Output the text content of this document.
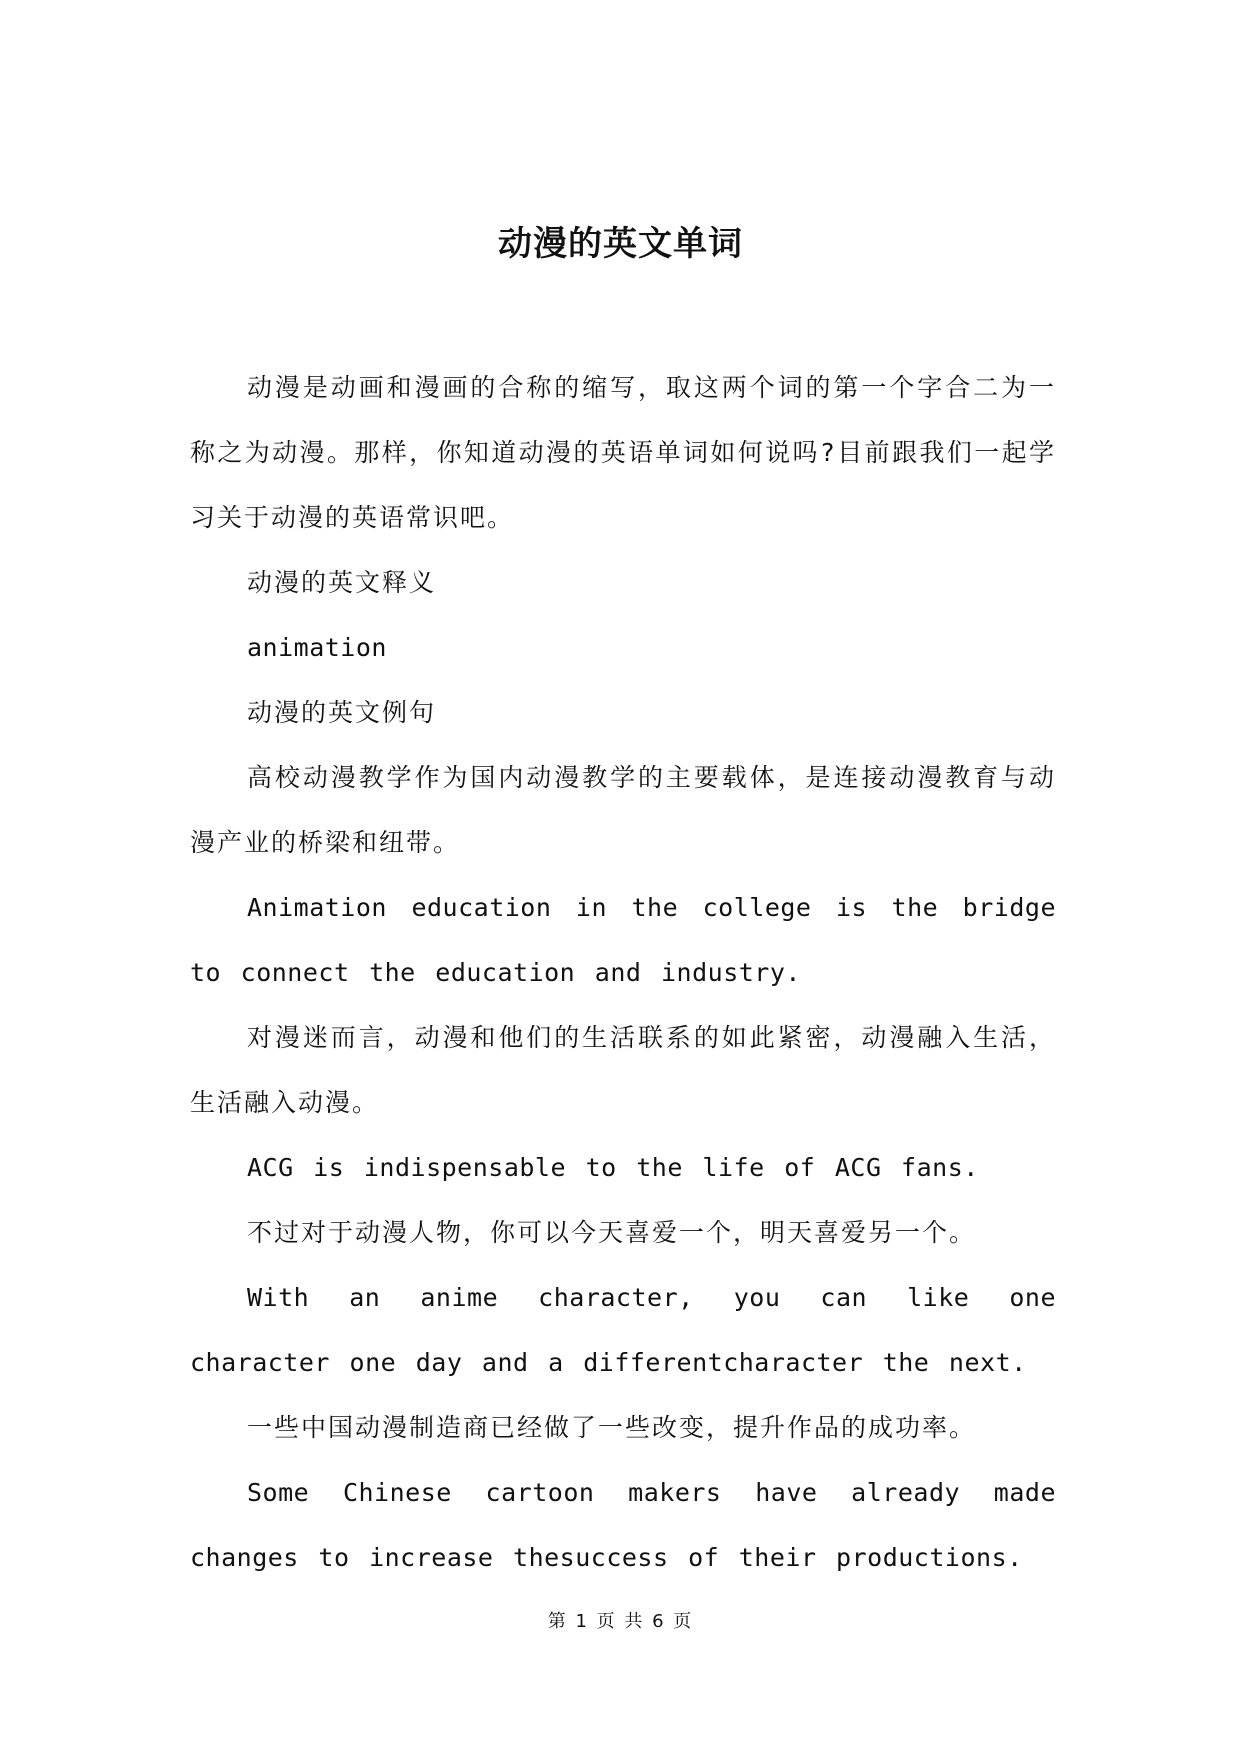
动漫的英文单词

动漫是动画和漫画的合称的缩写，取这两个词的第一个字合二为一称之为动漫。那样，你知道动漫的英语单词如何说吗?目前跟我们一起学习关于动漫的英语常识吧。

动漫的英文释义

animation

动漫的英文例句

高校动漫教学作为国内动漫教学的主要载体，是连接动漫教育与动漫产业的桥梁和纽带。

Animation education in the college is the bridge to connect the education and industry.

对漫迷而言，动漫和他们的生活联系的如此紧密，动漫融入生活，生活融入动漫。

ACG is indispensable to the life of ACG fans.

不过对于动漫人物，你可以今天喜爱一个，明天喜爱另一个。

With an anime character, you can like one character one day and a differentcharacter the next.

一些中国动漫制造商已经做了一些改变，提升作品的成功率。

Some Chinese cartoon makers have already made changes to increase thesuccess of their productions.

第 1 页 共 6 页
